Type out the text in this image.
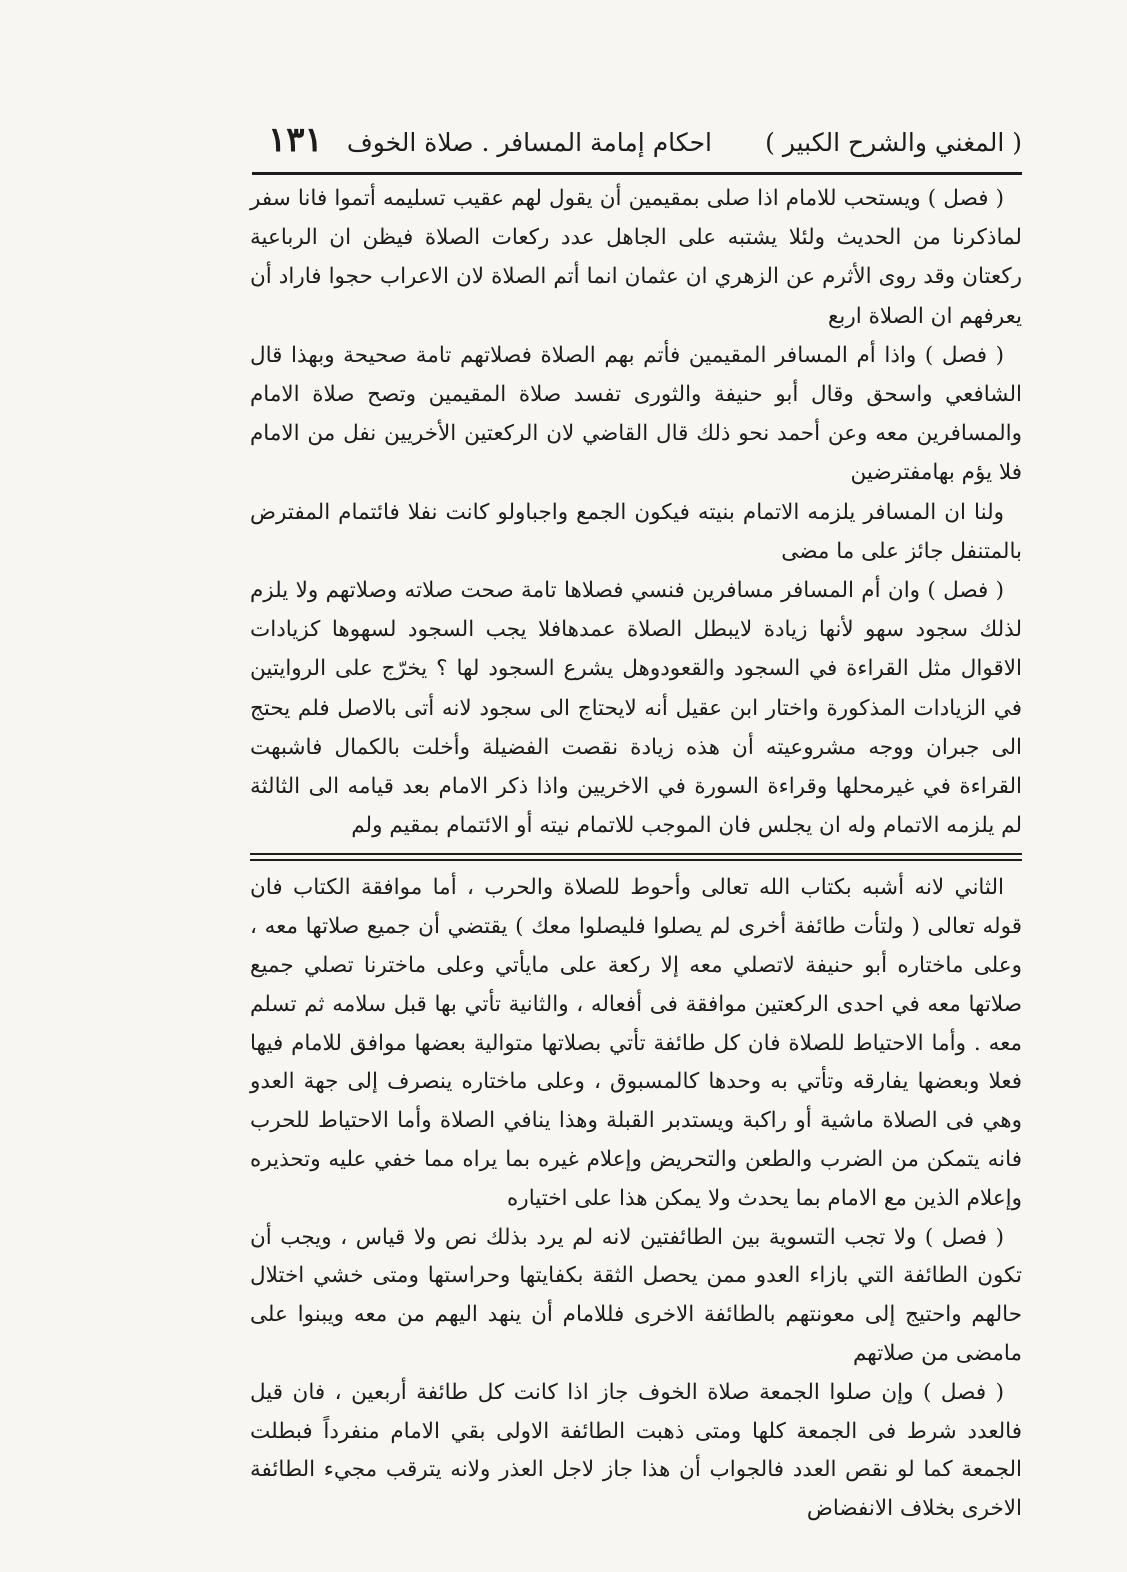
( المغني والشرح الكبير )
احكام إمامة المسافر . صلاة الخوف
١٣١

( فصل ) ويستحب للامام اذا صلى بمقيمين أن يقول لهم عقيب تسليمه أتموا فانا سفر لماذكرنا من الحديث ولئلا يشتبه على الجاهل عدد ركعات الصلاة فيظن ان الرباعية ركعتان وقد روى الأثرم عن الزهري ان عثمان انما أتم الصلاة لان الاعراب حجوا فاراد أن يعرفهم ان الصلاة اربع

( فصل ) واذا أم المسافر المقيمين فأتم بهم الصلاة فصلاتهم تامة صحيحة وبهذا قال الشافعي واسحق وقال أبو حنيفة والثورى تفسد صلاة المقيمين وتصح صلاة الامام والمسافرين معه وعن أحمد نحو ذلك قال القاضي لان الركعتين الأخريين نفل من الامام فلا يؤم بهامفترضين

ولنا ان المسافر يلزمه الاتمام بنيته فيكون الجمع واجباولو كانت نفلا فائتمام المفترض بالمتنفل جائز على ما مضى

( فصل ) وان أم المسافر مسافرين فنسي فصلاها تامة صحت صلاته وصلاتهم ولا يلزم لذلك سجود سهو لأنها زيادة لايبطل الصلاة عمدهافلا يجب السجود لسهوها كزيادات الاقوال مثل القراءة في السجود والقعودوهل يشرع السجود لها ؟ يخرّج على الروايتين في الزيادات المذكورة واختار ابن عقيل أنه لايحتاج الى سجود لانه أتى بالاصل فلم يحتج الى جبران ووجه مشروعيته أن هذه زيادة نقصت الفضيلة وأخلت بالكمال فاشبهت القراءة في غيرمحلها وقراءة السورة في الاخريين واذا ذكر الامام بعد قيامه الى الثالثة لم يلزمه الاتمام وله ان يجلس فان الموجب للاتمام نيته أو الائتمام بمقيم ولم

الثاني لانه أشبه بكتاب الله تعالى وأحوط للصلاة والحرب ، أما موافقة الكتاب فان قوله تعالى ( ولتأت طائفة أخرى لم يصلوا فليصلوا معك ) يقتضي أن جميع صلاتها معه ، وعلى ماختاره أبو حنيفة لاتصلي معه إلا ركعة على مايأتي وعلى ماخترنا تصلي جميع صلاتها معه في احدى الركعتين موافقة فى أفعاله ، والثانية تأتي بها قبل سلامه ثم تسلم معه . وأما الاحتياط للصلاة فان كل طائفة تأتي بصلاتها متوالية بعضها موافق للامام فيها فعلا وبعضها يفارقه وتأتي به وحدها كالمسبوق ، وعلى ماختاره ينصرف إلى جهة العدو وهي فى الصلاة ماشية أو راكبة ويستدبر القبلة وهذا ينافي الصلاة وأما الاحتياط للحرب فانه يتمكن من الضرب والطعن والتحريض وإعلام غيره بما يراه مما خفي عليه وتحذيره وإعلام الذين مع الامام بما يحدث ولا يمكن هذا على اختياره

( فصل ) ولا تجب التسوية بين الطائفتين لانه لم يرد بذلك نص ولا قياس ، ويجب أن تكون الطائفة التي بازاء العدو ممن يحصل الثقة بكفايتها وحراستها ومتى خشي اختلال حالهم واحتيج إلى معونتهم بالطائفة الاخرى فللامام أن ينهد اليهم من معه ويبنوا على مامضى من صلاتهم

( فصل ) وإن صلوا الجمعة صلاة الخوف جاز اذا كانت كل طائفة أربعين ، فان قيل فالعدد شرط فى الجمعة كلها ومتى ذهبت الطائفة الاولى بقي الامام منفرداً فبطلت الجمعة كما لو نقص العدد فالجواب أن هذا جاز لاجل العذر ولانه يترقب مجيء الطائفة الاخرى بخلاف الانفضاض
